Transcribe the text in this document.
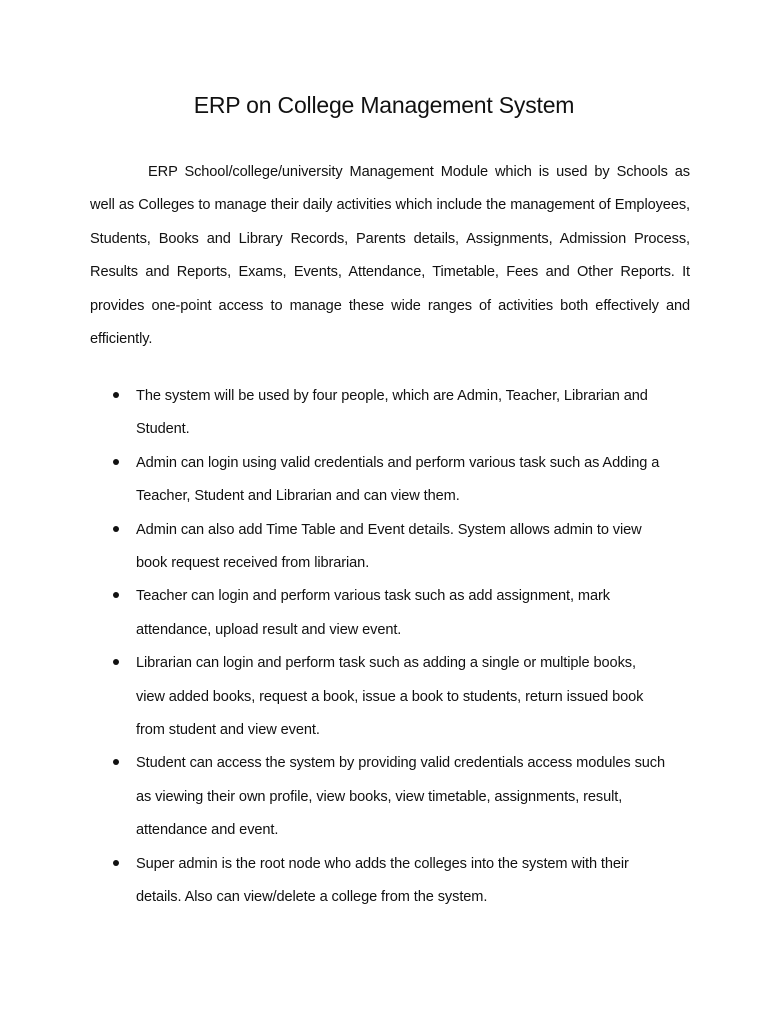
ERP on College Management System

ERP School/college/university Management Module which is used by Schools as well as Colleges to manage their daily activities which include the management of Employees, Students, Books and Library Records, Parents details, Assignments, Admission Process, Results and Reports, Exams, Events, Attendance, Timetable, Fees and Other Reports. It provides one-point access to manage these wide ranges of activities both effectively and efficiently.

The system will be used by four people, which are Admin, Teacher, Librarian and Student.
Admin can login using valid credentials and perform various task such as Adding a Teacher, Student and Librarian and can view them.
Admin can also add Time Table and Event details. System allows admin to view book request received from librarian.
Teacher can login and perform various task such as add assignment, mark attendance, upload result and view event.
Librarian can login and perform task such as adding a single or multiple books, view added books, request a book, issue a book to students, return issued book from student and view event.
Student can access the system by providing valid credentials access modules such as viewing their own profile, view books, view timetable, assignments, result, attendance and event.
Super admin is the root node who adds the colleges into the system with their details. Also can view/delete a college from the system.
